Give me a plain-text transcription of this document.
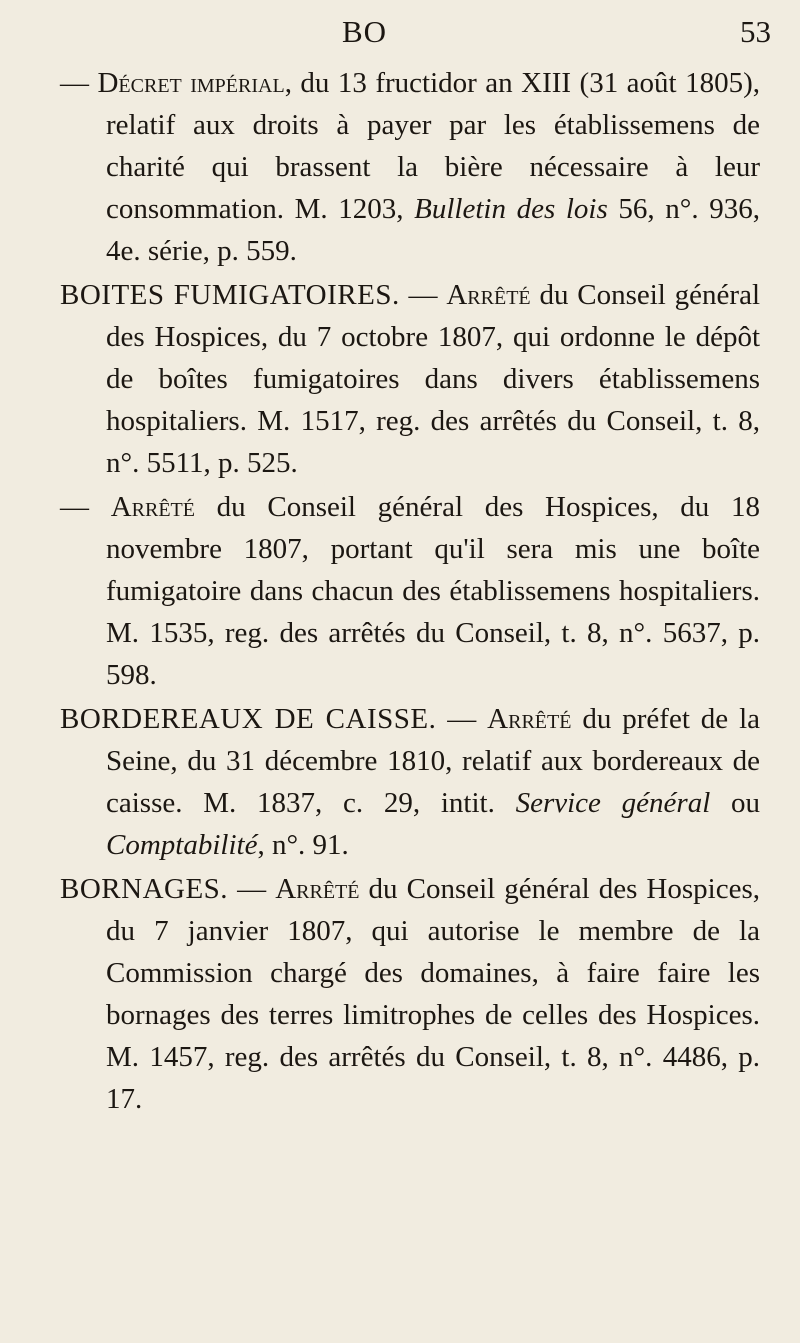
BO	53

— Décret impérial, du 13 fructidor an XIII (31 août 1805), relatif aux droits à payer par les établissemens de charité qui brassent la bière nécessaire à leur consommation. M. 1203, Bulletin des lois 56, n°. 936, 4e. série, p. 559.

BOITES FUMIGATOIRES. — Arrêté du Conseil général des Hospices, du 7 octobre 1807, qui ordonne le dépôt de boîtes fumigatoires dans divers établissemens hospitaliers. M. 1517, reg. des arrêtés du Conseil, t. 8, n°. 5511, p. 525.

— Arrêté du Conseil général des Hospices, du 18 novembre 1807, portant qu'il sera mis une boîte fumigatoire dans chacun des établissemens hospitaliers. M. 1535, reg. des arrêtés du Conseil, t. 8, n°. 5637, p. 598.

BORDEREAUX DE CAISSE. — Arrêté du préfet de la Seine, du 31 décembre 1810, relatif aux bordereaux de caisse. M. 1837, c. 29, intit. Service général ou Comptabilité, n°. 91.

BORNAGES. — Arrêté du Conseil général des Hospices, du 7 janvier 1807, qui autorise le membre de la Commission chargé des domaines, à faire faire les bornages des terres limitrophes de celles des Hospices. M. 1457, reg. des arrêtés du Conseil, t. 8, n°. 4486, p. 17.
